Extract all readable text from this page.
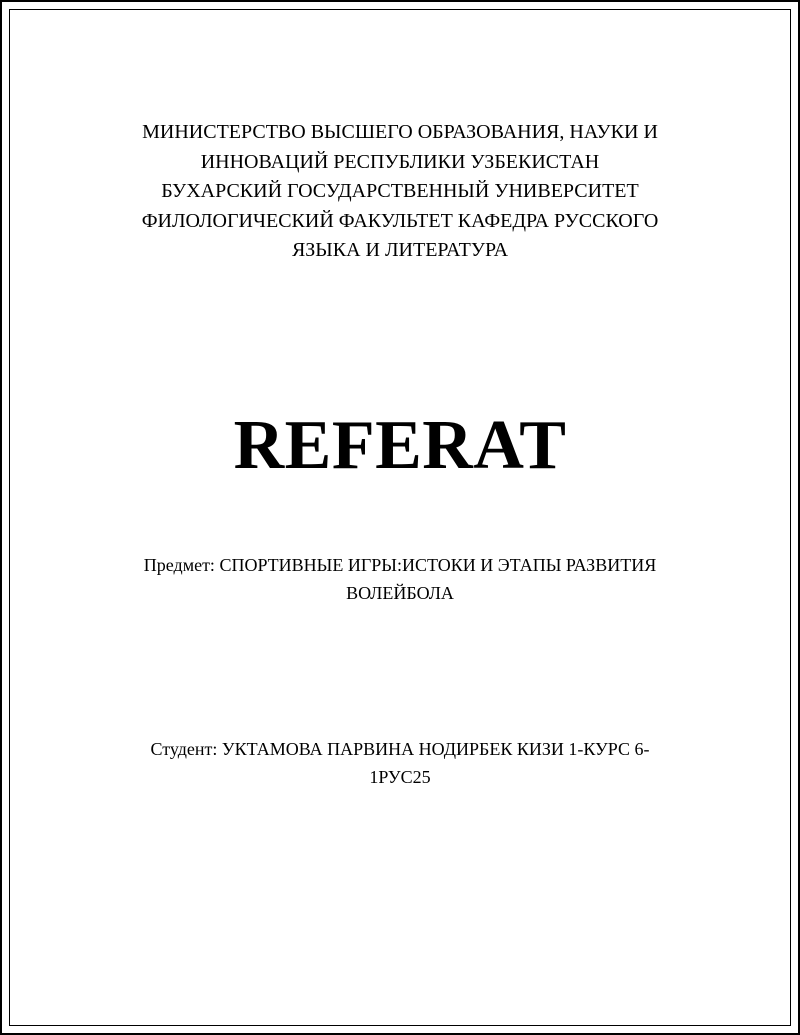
МИНИСТЕРСТВО ВЫСШЕГО ОБРАЗОВАНИЯ, НАУКИ И
ИННОВАЦИЙ РЕСПУБЛИКИ УЗБЕКИСТАН
БУХАРСКИЙ ГОСУДАРСТВЕННЫЙ УНИВЕРСИТЕТ
ФИЛОЛОГИЧЕСКИЙ ФАКУЛЬТЕТ КАФЕДРА РУССКОГО
ЯЗЫКА И ЛИТЕРАТУРА
REFERAT
Предмет: СПОРТИВНЫЕ ИГРЫ:ИСТОКИ И ЭТАПЫ РАЗВИТИЯ
ВОЛЕЙБОЛА
Студент: УКТАМОВА ПАРВИНА НОДИРБЕК КИЗИ 1-КУРС 6-
1РУС25
